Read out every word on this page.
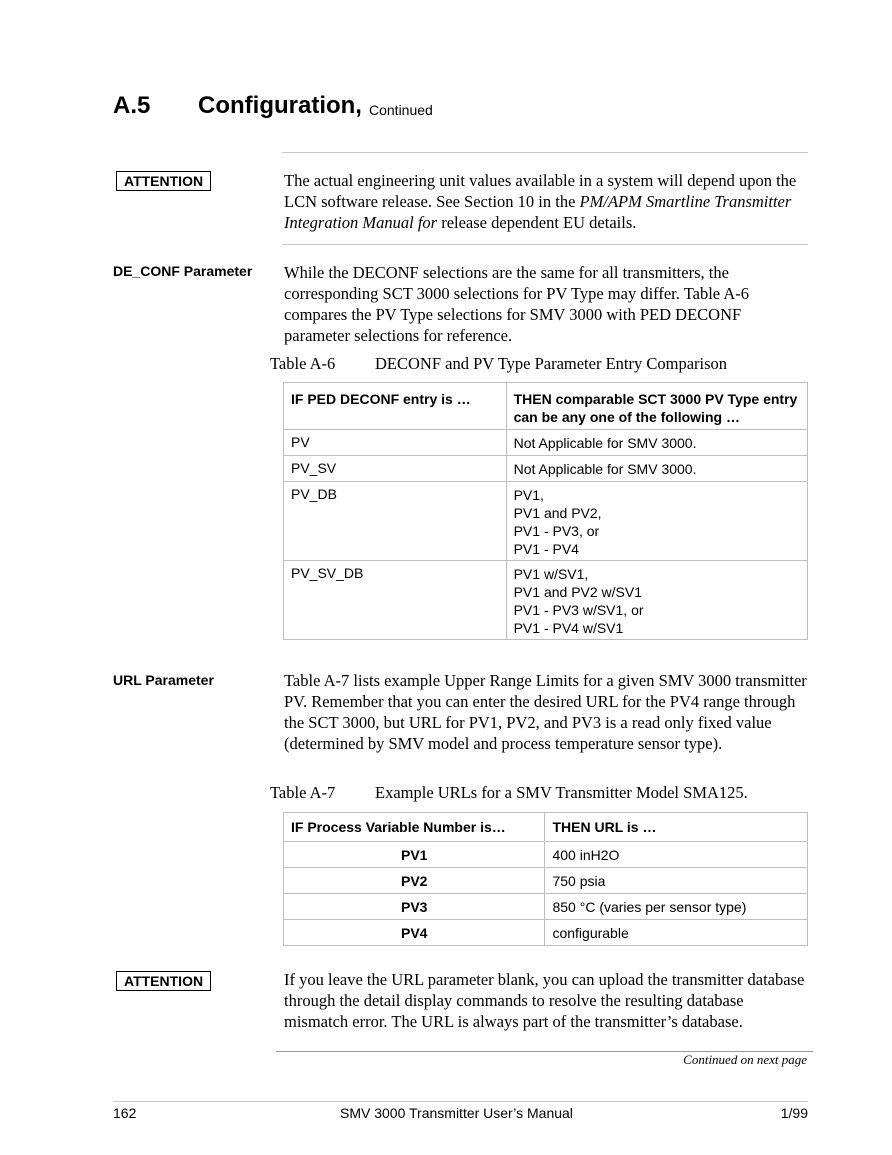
A.5 Configuration, Continued
ATTENTION	The actual engineering unit values available in a system will depend upon the LCN software release. See Section 10 in the PM/APM Smartline Transmitter Integration Manual for release dependent EU details.
DE_CONF Parameter While the DECONF selections are the same for all transmitters, the corresponding SCT 3000 selections for PV Type may differ. Table A-6 compares the PV Type selections for SMV 3000 with PED DECONF parameter selections for reference.
Table A-6 DECONF and PV Type Parameter Entry Comparison
IF PED DECONF entry is …	THEN comparable SCT 3000 PV Type entry can be any one of the following …
PV	Not Applicable for SMV 3000.

PV_SV	Not Applicable for SMV 3000.

PV_DB	PV1,
PV1 and PV2,
PV1 - PV3, or
PV1 - PV4

PV_SV_DB	PV1 w/SV1,
PV1 and PV2 w/SV1
PV1 - PV3 w/SV1, or
PV1 - PV4 w/SV1
URL Parameter	Table A-7 lists example Upper Range Limits for a given SMV 3000 transmitter PV. Remember that you can enter the desired URL for the PV4 range through the SCT 3000, but URL for PV1, PV2, and PV3 is a read only fixed value (determined by SMV model and process temperature sensor type).
Table A-7 Example URLs for a SMV Transmitter Model SMA125.
IF Process Variable Number is…	THEN URL is …
PV1	400 inH2O
PV2	750 psia
PV3	850 °C (varies per sensor type)
PV4	configurable
ATTENTION	If you leave the URL parameter blank, you can upload the transmitter database through the detail display commands to resolve the resulting database mismatch error. The URL is always part of the transmitter’s database.
Continued on next page
162	SMV 3000 Transmitter User’s Manual	1/99
